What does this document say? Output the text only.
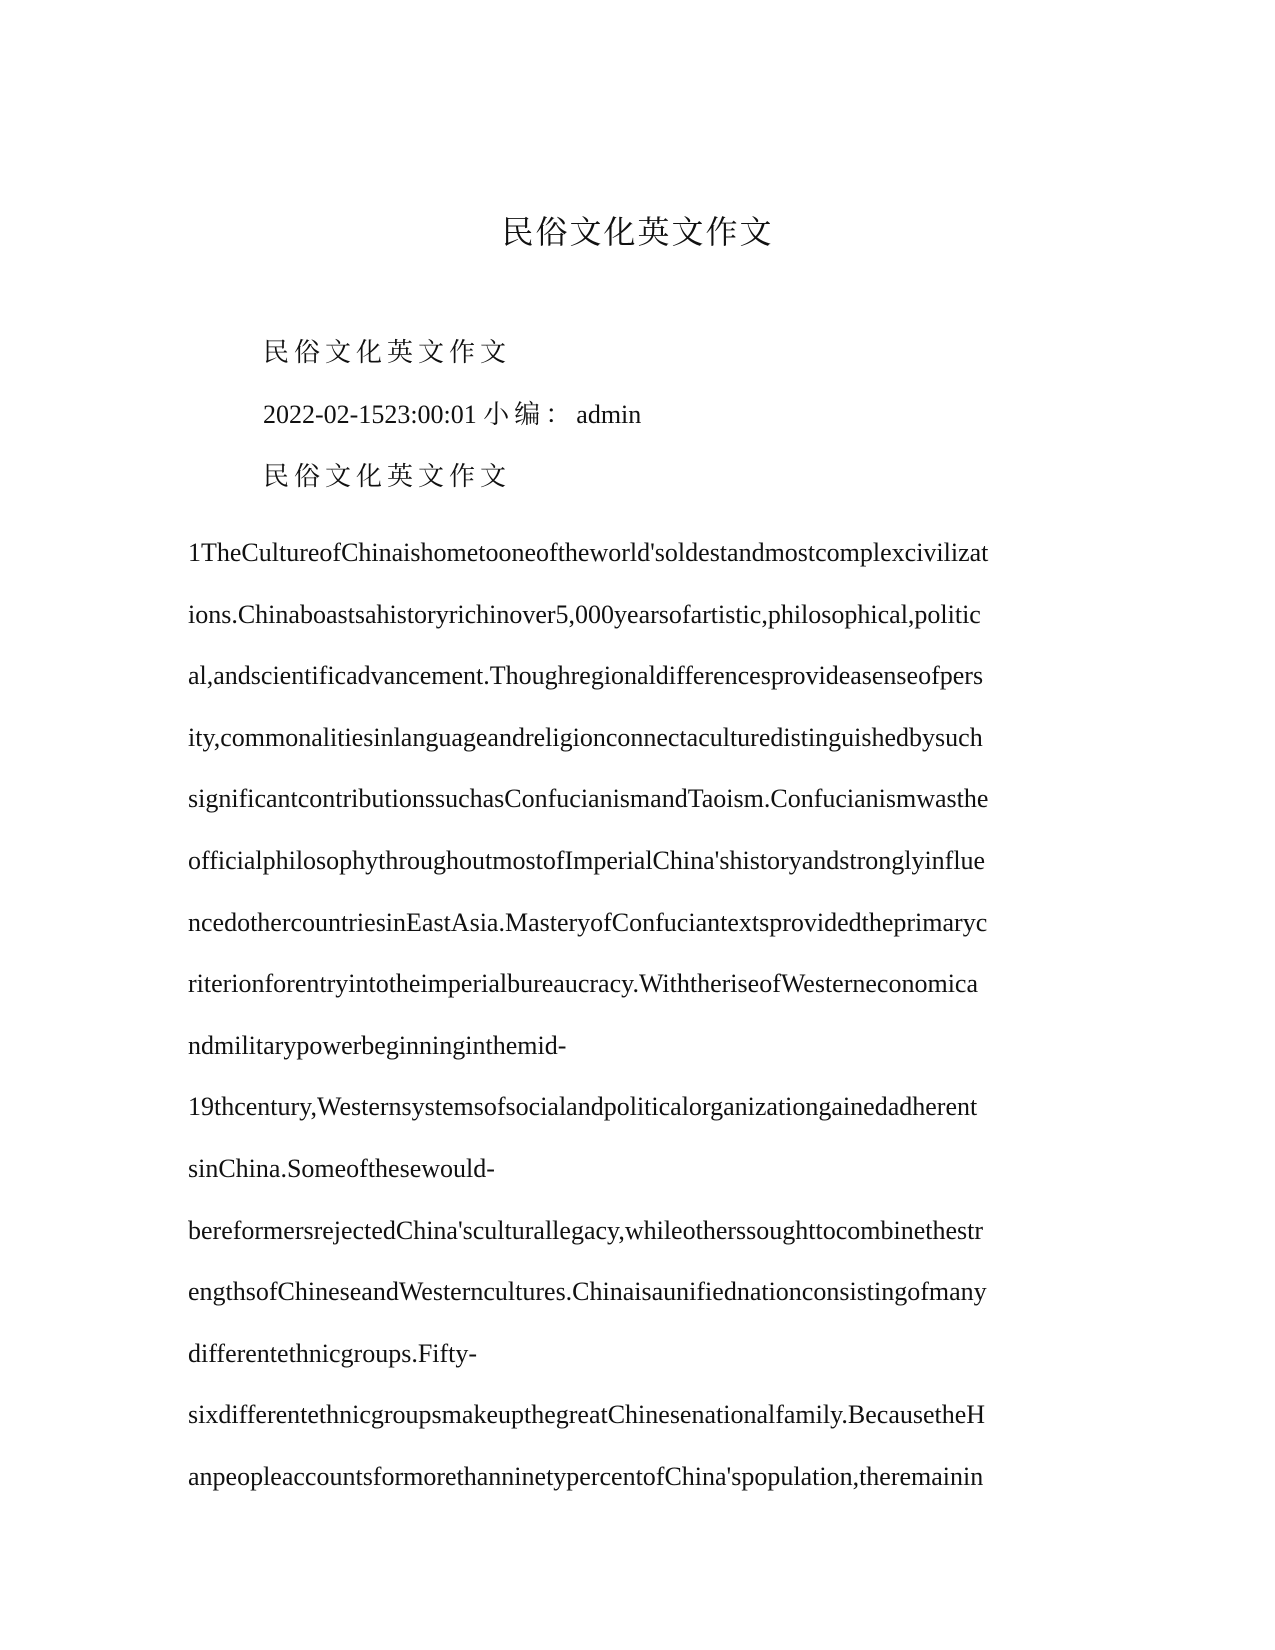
民俗文化英文作文
民俗文化英文作文
2022-02-1523:00:01 小编：admin
民俗文化英文作文
1TheCultureofChinaishometooneoftheworld'soldestandmostcomplexcivilizat
ions.Chinaboastsahistoryrichinover5,000yearsofartistic,philosophical,politic
al,andscientificadvancement.Thoughregionaldifferencesprovideasenseofpers
ity,commonalitiesinlanguageandreligionconnectaculturedistinguishedbysuch
significantcontributionssuchasConfucianismandTaoism.Confucianismwasthe
officialphilosophythroughoutmostofImperialChina'shistoryandstronglyinflue
ncedothercountriesinEastAsia.MasteryofConfuciantextsprovidedtheprimaryc
riterionforentryintotheimperialbureaucracy.WiththeriseofWesterneconomica
ndmilitarypowerbeginninginthemid-
19thcentury,Westernsystemsofsocialandpoliticalorganizationgainedadherent
sinChina.Someofthesewould-
bereformersrejectedChina'sculturallegacy,whileotherssoughttocombinethestr
engthsofChineseandWesterncultures.Chinaisaunifiednationconsistingofmany
differentethnicgroups.Fifty-
sixdifferentethnicgroupsmakeupthegreatChinesenationalfamily.BecausetheH
anpeopleaccountsformorethanninetypercentofChina'spopulation,theremainin
